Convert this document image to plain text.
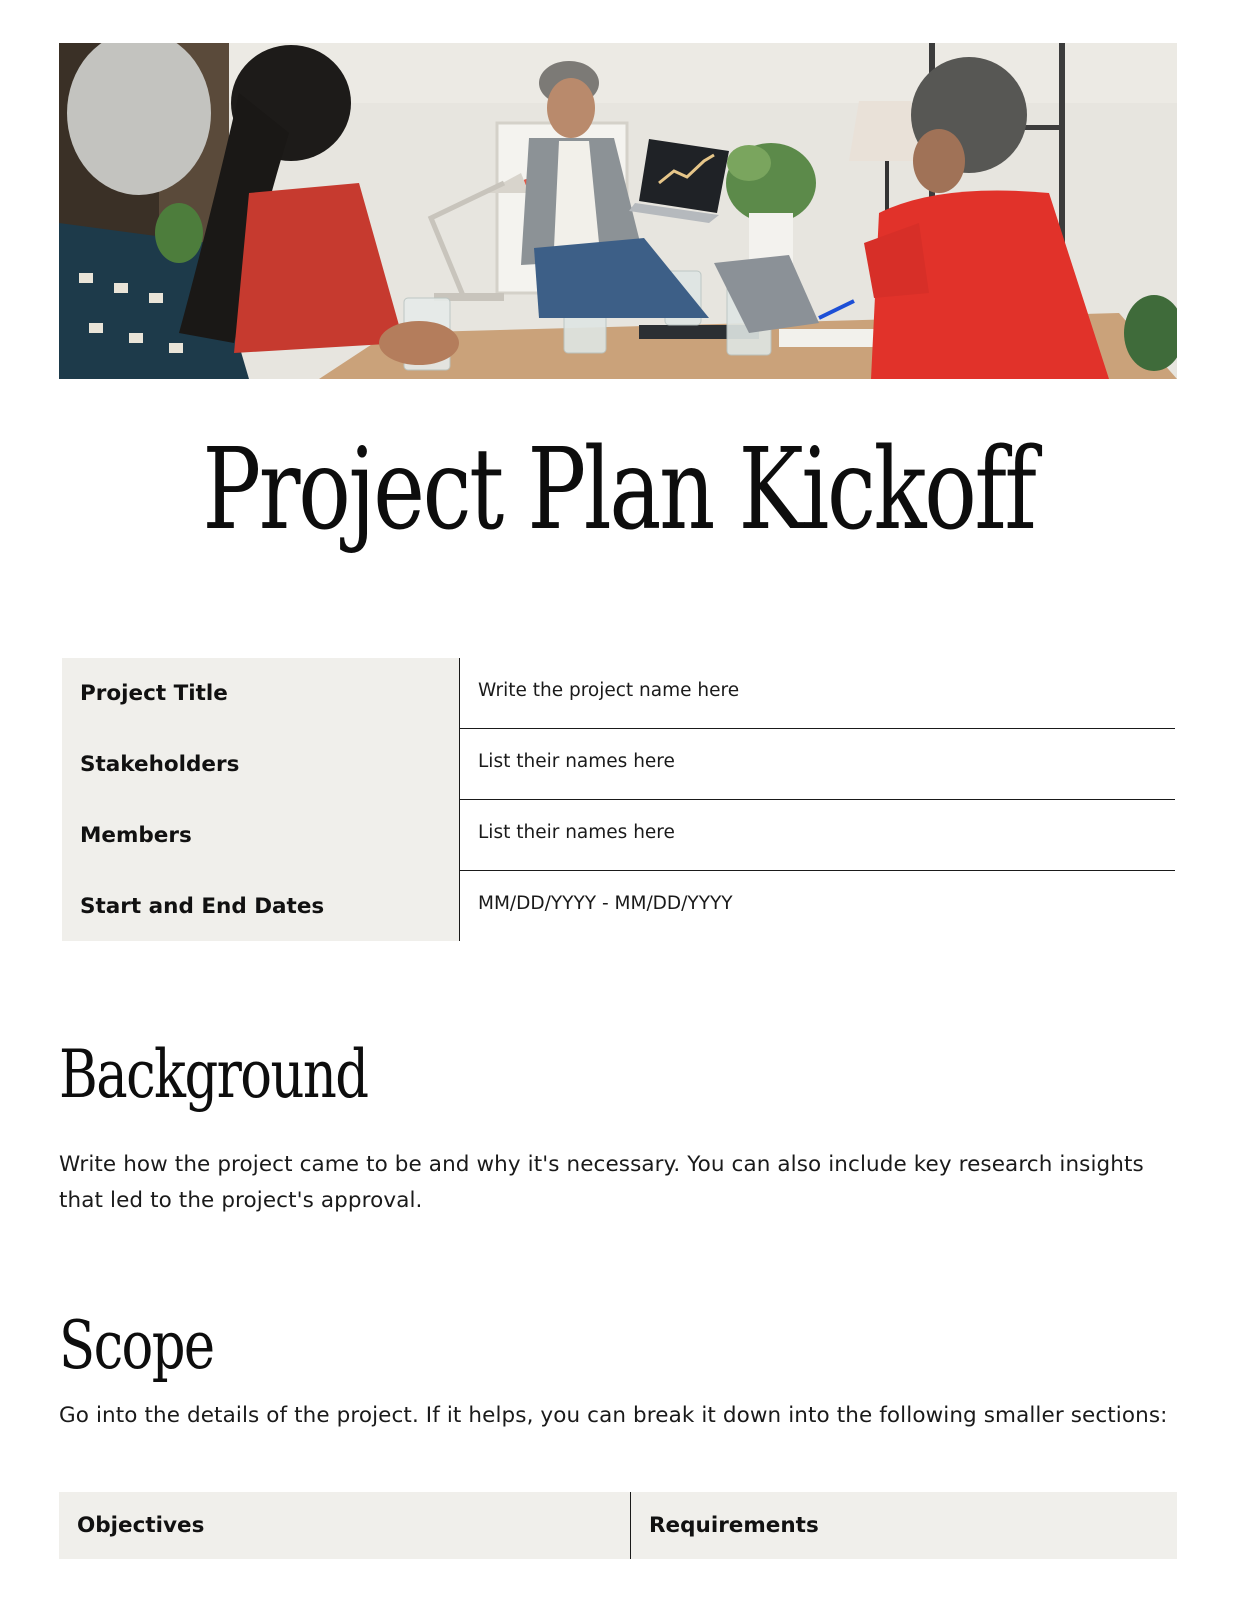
Project Plan Kickoff
Project Title	Write the project name here
Stakeholders	List their names here
Members	List their names here
Start and End Dates	MM/DD/YYYY - MM/DD/YYYY
Background

Write how the project came to be and why it's necessary. You can also include key research insights that led to the project's approval.

Scope

Go into the details of the project. If it helps, you can break it down into the following smaller sections:

Objectives	Requirements
